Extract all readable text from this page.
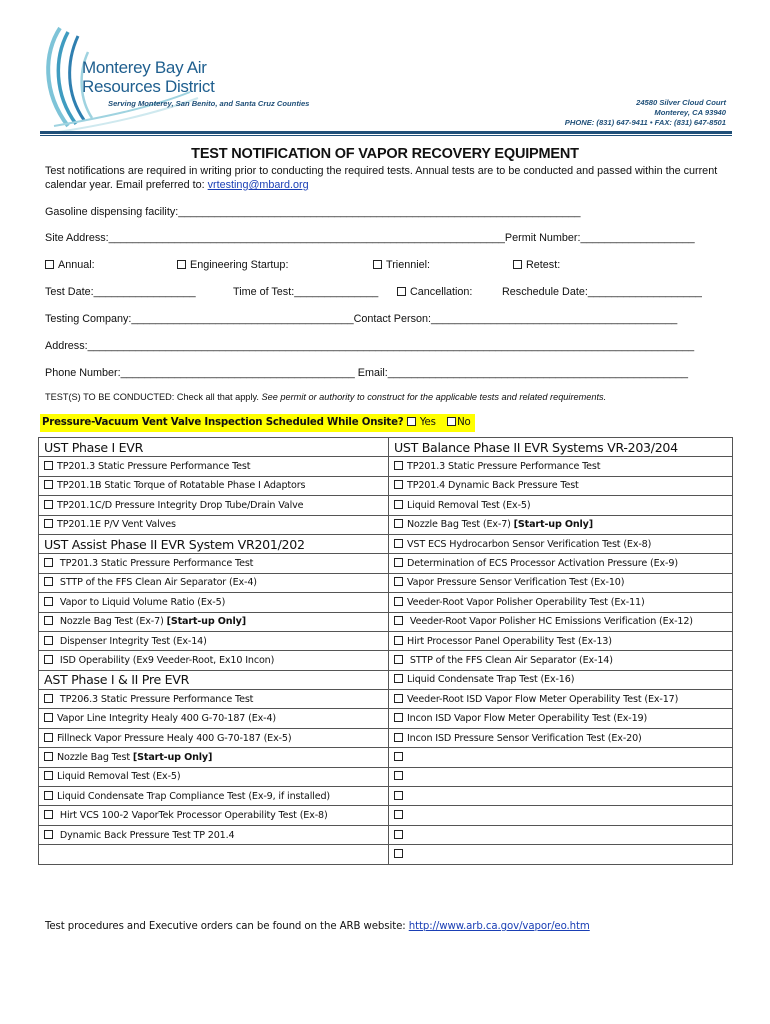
Monterey Bay Air
Resources District
Serving Monterey, San Benito, and Santa Cruz Counties	24580 Silver Cloud Court
Monterey, CA 93940
PHONE: (831) 647-9411 • FAX: (831) 647-8501
TEST NOTIFICATION OF VAPOR RECOVERY EQUIPMENT
Test notifications are required in writing prior to conducting the required tests. Annual tests are to be conducted and passed within the current calendar year. Email preferred to: vrtesting@mbard.org
Gasoline dispensing facility:___________________________________________________________________
Site Address:__________________________________________________________________Permit Number:___________________
Annual:	Engineering Startup:	Trienniel:	Retest:
Test Date:_________________	Time of Test:______________	Cancellation:	Reschedule Date:___________________
Testing Company:_____________________________________Contact Person:_________________________________________
Address:_____________________________________________________________________________________________________
Phone Number:_______________________________________ Email:__________________________________________________
TEST(S) TO BE CONDUCTED: Check all that apply. See permit or authority to construct for the applicable tests and related requirements.
Pressure-Vacuum Vent Valve Inspection Scheduled While Onsite? Yes No
UST Phase I EVR	UST Balance Phase II EVR Systems VR-203/204
TP201.3 Static Pressure Performance Test	TP201.3 Static Pressure Performance Test
TP201.1B Static Torque of Rotatable Phase I Adaptors	TP201.4 Dynamic Back Pressure Test
TP201.1C/D Pressure Integrity Drop Tube/Drain Valve	Liquid Removal Test (Ex-5)
TP201.1E P/V Vent Valves	Nozzle Bag Test (Ex-7) [Start-up Only]
UST Assist Phase II EVR System VR201/202	VST ECS Hydrocarbon Sensor Verification Test (Ex-8)
TP201.3 Static Pressure Performance Test	Determination of ECS Processor Activation Pressure (Ex-9)
STTP of the FFS Clean Air Separator (Ex-4)	Vapor Pressure Sensor Verification Test (Ex-10)
Vapor to Liquid Volume Ratio (Ex-5)	Veeder-Root Vapor Polisher Operability Test (Ex-11)
Nozzle Bag Test (Ex-7) [Start-up Only]	Veeder-Root Vapor Polisher HC Emissions Verification (Ex-12)
Dispenser Integrity Test (Ex-14)	Hirt Processor Panel Operability Test (Ex-13)
ISD Operability (Ex9 Veeder-Root, Ex10 Incon)	STTP of the FFS Clean Air Separator (Ex-14)
AST Phase I & II Pre EVR	Liquid Condensate Trap Test (Ex-16)
TP206.3 Static Pressure Performance Test	Veeder-Root ISD Vapor Flow Meter Operability Test (Ex-17)
Vapor Line Integrity Healy 400 G-70-187 (Ex-4)	Incon ISD Vapor Flow Meter Operability Test (Ex-19)
Fillneck Vapor Pressure Healy 400 G-70-187 (Ex-5)	Incon ISD Pressure Sensor Verification Test (Ex-20)
Nozzle Bag Test [Start-up Only]	
Liquid Removal Test (Ex-5)	
Liquid Condensate Trap Compliance Test (Ex-9, if installed)	
Hirt VCS 100-2 VaporTek Processor Operability Test (Ex-8)	
Dynamic Back Pressure Test TP 201.4	

Test procedures and Executive orders can be found on the ARB website: http://www.arb.ca.gov/vapor/eo.htm
